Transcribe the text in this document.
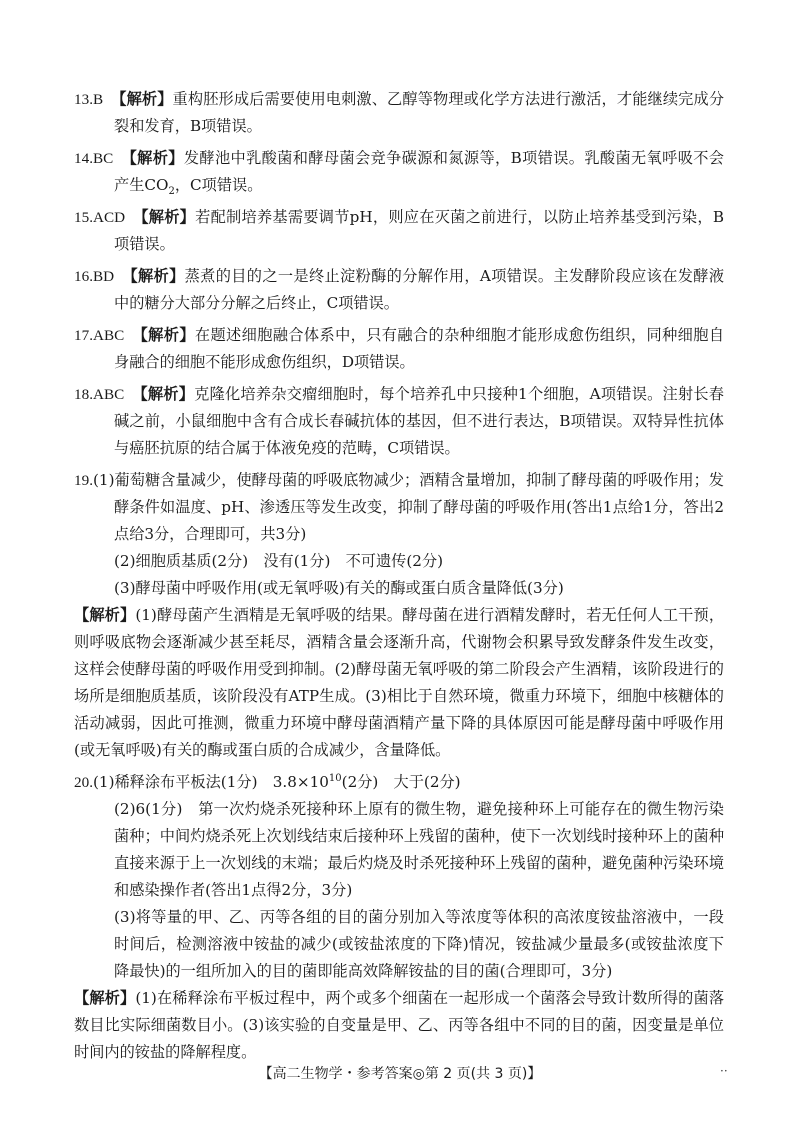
13.B 【解析】重构胚形成后需要使用电刺激、乙醇等物理或化学方法进行激活，才能继续完成分裂和发育，B项错误。
14.BC 【解析】发酵池中乳酸菌和酵母菌会竞争碳源和氮源等，B项错误。乳酸菌无氧呼吸不会产生$CO_2$，C项错误。
15.ACD 【解析】若配制培养基需要调节pH，则应在灭菌之前进行，以防止培养基受到污染，B项错误。
16.BD 【解析】蒸煮的目的之一是终止淀粉酶的分解作用，A项错误。主发酵阶段应该在发酵液中的糖分大部分分解之后终止，C项错误。
17.ABC 【解析】在题述细胞融合体系中，只有融合的杂种细胞才能形成愈伤组织，同种细胞自身融合的细胞不能形成愈伤组织，D项错误。
18.ABC 【解析】克隆化培养杂交瘤细胞时，每个培养孔中只接种1个细胞，A项错误。注射长春碱之前，小鼠细胞中含有合成长春碱抗体的基因，但不进行表达，B项错误。双特异性抗体与癌胚抗原的结合属于体液免疫的范畴，C项错误。
19.(1)葡萄糖含量减少，使酵母菌的呼吸底物减少；酒精含量增加，抑制了酵母菌的呼吸作用；发酵条件如温度、pH、渗透压等发生改变，抑制了酵母菌的呼吸作用(答出1点给1分，答出2点给3分，合理即可，共3分)
(2)细胞质基质(2分)　没有(1分)　不可遗传(2分)
(3)酵母菌中呼吸作用(或无氧呼吸)有关的酶或蛋白质含量降低(3分)
【解析】(1)酵母菌产生酒精是无氧呼吸的结果。酵母菌在进行酒精发酵时，若无任何人工干预，则呼吸底物会逐渐减少甚至耗尽，酒精含量会逐渐升高，代谢物会积累导致发酵条件发生改变，这样会使酵母菌的呼吸作用受到抑制。(2)酵母菌无氧呼吸的第二阶段会产生酒精，该阶段进行的场所是细胞质基质，该阶段没有ATP生成。(3)相比于自然环境，微重力环境下，细胞中核糖体的活动减弱，因此可推测，微重力环境中酵母菌酒精产量下降的具体原因可能是酵母菌中呼吸作用(或无氧呼吸)有关的酶或蛋白质的合成减少，含量降低。
20.(1)稀释涂布平板法(1分)　$3.8\times 10^{10}(2$分)　大于(2分)
(2)6(1分)　第一次灼烧杀死接种环上原有的微生物，避免接种环上可能存在的微生物污染菌种；中间灼烧杀死上次划线结束后接种环上残留的菌种，使下一次划线时接种环上的菌种直接来源于上一次划线的末端；最后灼烧及时杀死接种环上残留的菌种，避免菌种污染环境和感染操作者(答出1点得2分，3分)
(3)将等量的甲、乙、丙等各组的目的菌分别加入等浓度等体积的高浓度铵盐溶液中，一段时间后，检测溶液中铵盐的减少(或铵盐浓度的下降)情况，铵盐减少量最多(或铵盐浓度下降最快)的一组所加入的目的菌即能高效降解铵盐的目的菌(合理即可，3分)
【解析】(1)在稀释涂布平板过程中，两个或多个细菌在一起形成一个菌落会导致计数所得的菌落数目比实际细菌数目小。(3)该实验的自变量是甲、乙、丙等各组中不同的目的菌，因变量是单位时间内的铵盐的降解程度。
【高二生物学・参考答案◎第 2 页(共 3 页)】	··
